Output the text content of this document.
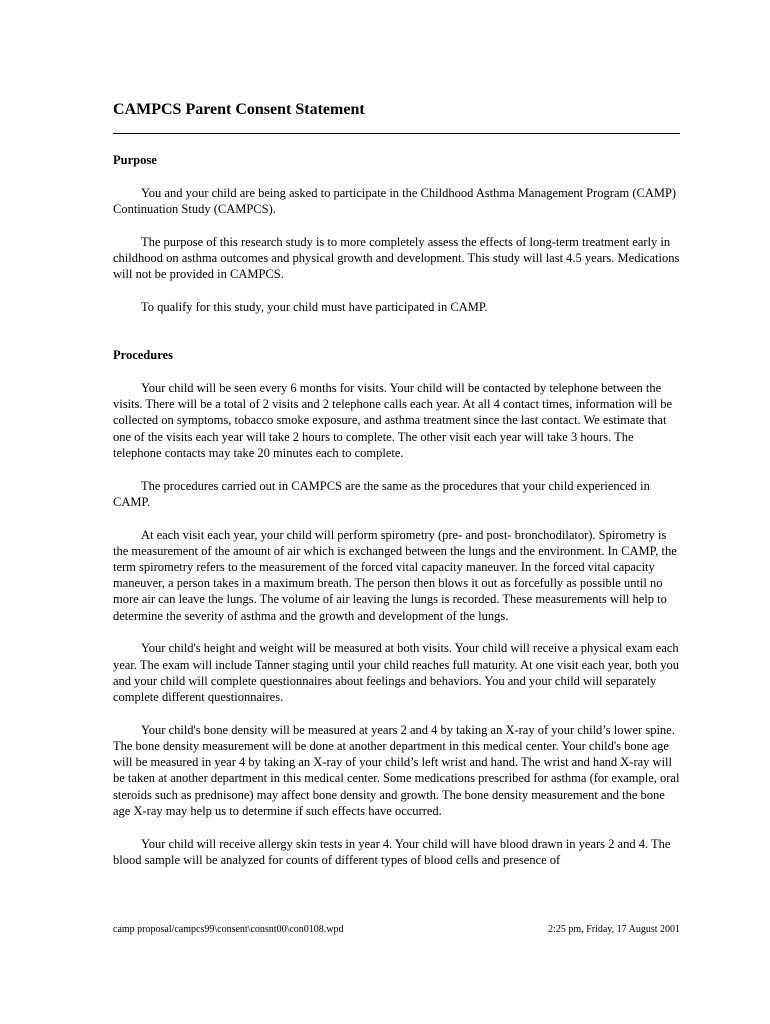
CAMPCS Parent Consent Statement

Purpose

You and your child are being asked to participate in the Childhood Asthma Management Program (CAMP) Continuation Study (CAMPCS).

The purpose of this research study is to more completely assess the effects of long-term treatment early in childhood on asthma outcomes and physical growth and development. This study will last 4.5 years. Medications will not be provided in CAMPCS.

To qualify for this study, your child must have participated in CAMP.

Procedures

Your child will be seen every 6 months for visits. Your child will be contacted by telephone between the visits. There will be a total of 2 visits and 2 telephone calls each year. At all 4 contact times, information will be collected on symptoms, tobacco smoke exposure, and asthma treatment since the last contact. We estimate that one of the visits each year will take 2 hours to complete. The other visit each year will take 3 hours. The telephone contacts may take 20 minutes each to complete.

The procedures carried out in CAMPCS are the same as the procedures that your child experienced in CAMP.

At each visit each year, your child will perform spirometry (pre- and post- bronchodilator). Spirometry is the measurement of the amount of air which is exchanged between the lungs and the environment. In CAMP, the term spirometry refers to the measurement of the forced vital capacity maneuver. In the forced vital capacity maneuver, a person takes in a maximum breath. The person then blows it out as forcefully as possible until no more air can leave the lungs. The volume of air leaving the lungs is recorded. These measurements will help to determine the severity of asthma and the growth and development of the lungs.

Your child's height and weight will be measured at both visits. Your child will receive a physical exam each year. The exam will include Tanner staging until your child reaches full maturity. At one visit each year, both you and your child will complete questionnaires about feelings and behaviors. You and your child will separately complete different questionnaires.

Your child's bone density will be measured at years 2 and 4 by taking an X-ray of your child’s lower spine. The bone density measurement will be done at another department in this medical center. Your child's bone age will be measured in year 4 by taking an X-ray of your child’s left wrist and hand. The wrist and hand X-ray will be taken at another department in this medical center. Some medications prescribed for asthma (for example, oral steroids such as prednisone) may affect bone density and growth. The bone density measurement and the bone age X-ray may help us to determine if such effects have occurred.

Your child will receive allergy skin tests in year 4. Your child will have blood drawn in years 2 and 4. The blood sample will be analyzed for counts of different types of blood cells and presence of

camp proposal/campcs99\consent\consnt00\con0108.wpd	2:25 pm, Friday, 17 August 2001
